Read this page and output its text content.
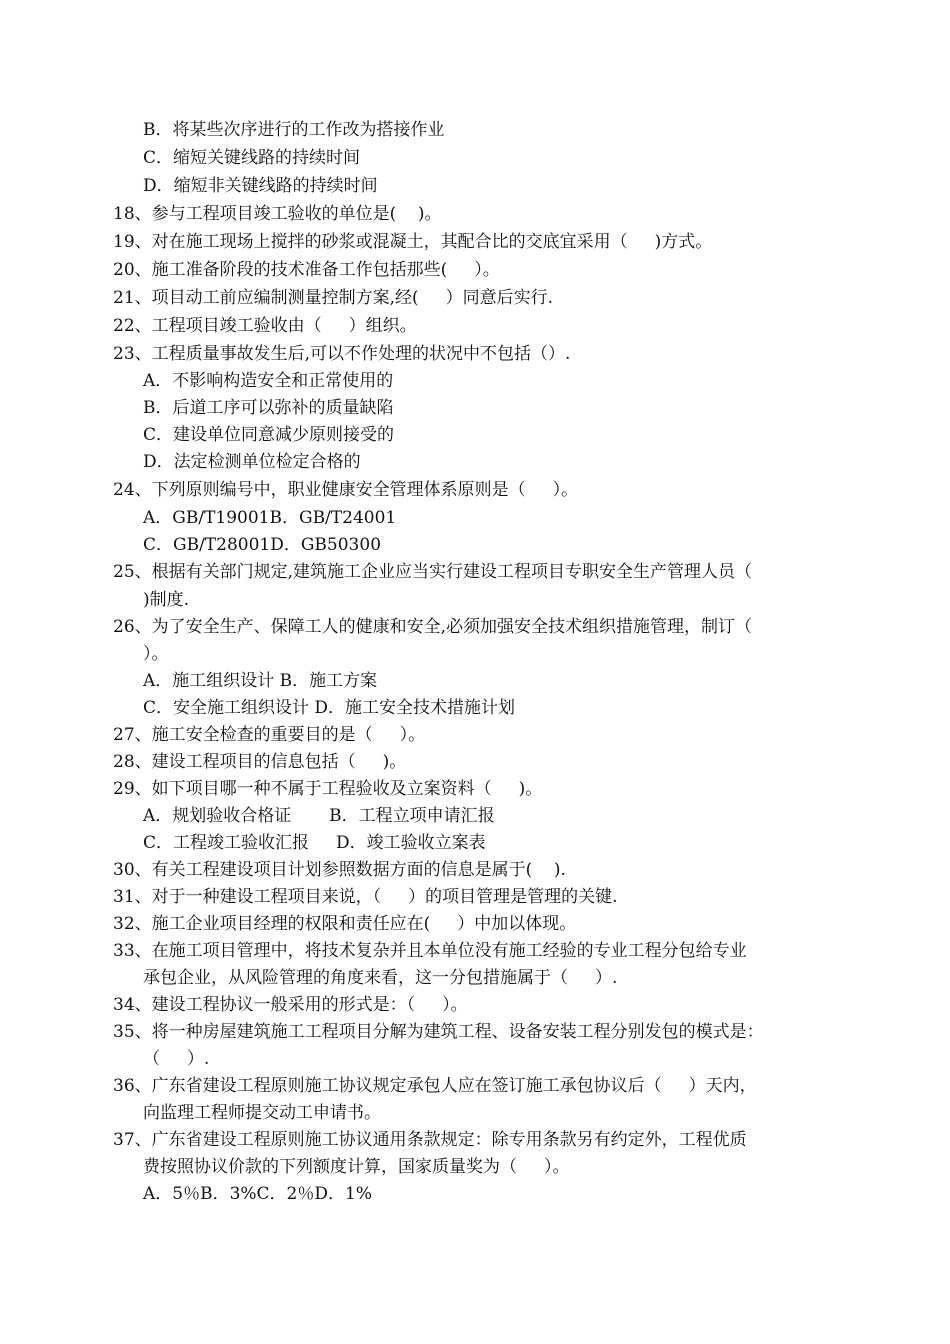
B．将某些次序进行的工作改为搭接作业
C．缩短关键线路的持续时间
D．缩短非关键线路的持续时间
18、参与工程项目竣工验收的单位是(    )。
19、对在施工现场上搅拌的砂浆或混凝土，其配合比的交底宜采用（     )方式。
20、施工准备阶段的技术准备工作包括那些(     ）。
21、项目动工前应编制测量控制方案,经(     ）同意后实行.
22、工程项目竣工验收由（     ）组织。
23、工程质量事故发生后,可以不作处理的状况中不包括（）.
A．不影响构造安全和正常使用的
B．后道工序可以弥补的质量缺陷
C．建设单位同意减少原则接受的
D．法定检测单位检定合格的
24、下列原则编号中，职业健康安全管理体系原则是（     ）。
A．GB/T19001B．GB/T24001
C．GB/T28001D．GB50300
25、根据有关部门规定,建筑施工企业应当实行建设工程项目专职安全生产管理人员（
)制度.
26、为了安全生产、保障工人的健康和安全,必须加强安全技术组织措施管理，制订（
）。
A．施工组织设计 B．施工方案
C．安全施工组织设计 D．施工安全技术措施计划
27、施工安全检查的重要目的是（     ）。
28、建设工程项目的信息包括（     )。
29、如下项目哪一种不属于工程验收及立案资料（     )。
A．规划验收合格证       B．工程立项申请汇报
C．工程竣工验收汇报     D．竣工验收立案表
30、有关工程建设项目计划参照数据方面的信息是属于(    ).
31、对于一种建设工程项目来说，（     ）的项目管理是管理的关键.
32、施工企业项目经理的权限和责任应在(     ）中加以体现。
33、在施工项目管理中，将技术复杂并且本单位没有施工经验的专业工程分包给专业
承包企业，从风险管理的角度来看，这一分包措施属于（     ）.
34、建设工程协议一般采用的形式是：（     ）。
35、将一种房屋建筑施工工程项目分解为建筑工程、设备安装工程分别发包的模式是：
（     ）.
36、广东省建设工程原则施工协议规定承包人应在签订施工承包协议后（     ）天内，
向监理工程师提交动工申请书。
37、广东省建设工程原则施工协议通用条款规定：除专用条款另有约定外，工程优质
费按照协议价款的下列额度计算，国家质量奖为（     ）。
A．5％B．3%C．2％D．1%
